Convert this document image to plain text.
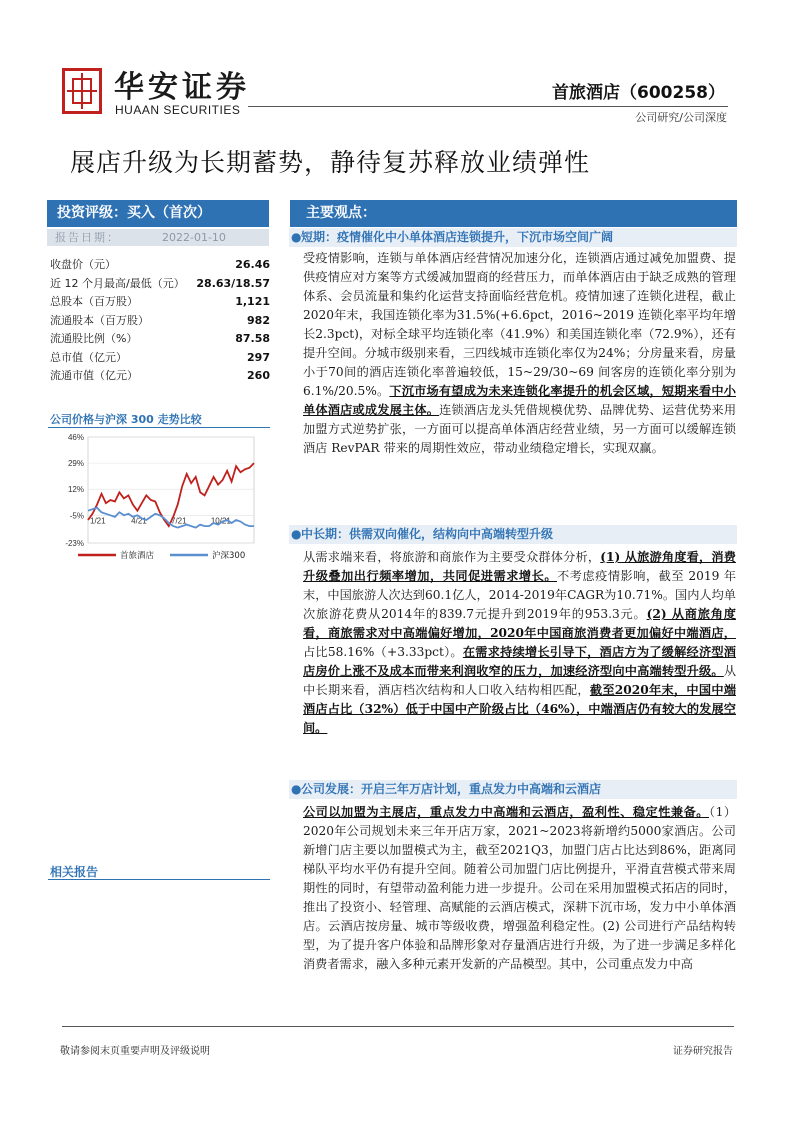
华安证券
HUAAN SECURITIES
首旅酒店（600258）
公司研究/公司深度
展店升级为长期蓄势，静待复苏释放业绩弹性
投资评级：买入（首次）
报告日期：	2022-01-10
收盘价（元）	26.46
近 12 个月最高/最低（元） 28.63/18.57
总股本（百万股）	1,121
流通股本（百万股）	982
流通股比例（%）	87.58
总市值（亿元）	297
流通市值（亿元）	260
公司价格与沪深 300 走势比较
46%
29%
12%
-5%
-23%
1/21	4/21	7/21	10/21
首旅酒店	沪深300
相关报告
主要观点：
●短期：疫情催化中小单体酒店连锁提升，下沉市场空间广阔
受疫情影响，连锁与单体酒店经营情况加速分化，连锁酒店通过减免加盟费、提供疫情应对方案等方式缓减加盟商的经营压力，而单体酒店由于缺乏成熟的管理体系、会员流量和集约化运营支持面临经营危机。疫情加速了连锁化进程，截止2020年末，我国连锁化率为31.5%(+6.6pct，2016~2019 连锁化率平均年增长2.3pct)，对标全球平均连锁化率（41.9%）和美国连锁化率（72.9%），还有提升空间。分城市级别来看，三四线城市连锁化率仅为24%；分房量来看，房量小于70间的酒店连锁化率普遍较低，15~29/30~69 间客房的连锁化率分别为6.1%/20.5%。下沉市场有望成为未来连锁化率提升的机会区域，短期来看中小单体酒店或成发展主体。连锁酒店龙头凭借规模优势、品牌优势、运营优势来用加盟方式逆势扩张，一方面可以提高单体酒店经营业绩，另一方面可以缓解连锁酒店 RevPAR 带来的周期性效应，带动业绩稳定增长，实现双赢。
●中长期：供需双向催化，结构向中高端转型升级
从需求端来看，将旅游和商旅作为主要受众群体分析，(1) 从旅游角度看，消费升级叠加出行频率增加，共同促进需求增长。不考虑疫情影响，截至 2019 年末，中国旅游人次达到60.1亿人，2014-2019年CAGR为10.71%。国内人均单次旅游花费从2014年的839.7元提升到2019年的953.3元。(2) 从商旅角度看，商旅需求对中高端偏好增加，2020年中国商旅消费者更加偏好中端酒店，占比58.16%（+3.33pct）。在需求持续增长引导下，酒店方为了缓解经济型酒店房价上涨不及成本而带来利润收窄的压力，加速经济型向中高端转型升级。从中长期来看，酒店档次结构和人口收入结构相匹配，截至2020年末，中国中端酒店占比（32%）低于中国中产阶级占比（46%），中端酒店仍有较大的发展空间。
●公司发展：开启三年万店计划，重点发力中高端和云酒店
公司以加盟为主展店，重点发力中高端和云酒店，盈利性、稳定性兼备。（1）2020年公司规划未来三年开店万家，2021~2023将新增约5000家酒店。公司新增门店主要以加盟模式为主，截至2021Q3，加盟门店占比达到86%，距离同梯队平均水平仍有提升空间。随着公司加盟门店比例提升，平滑直营模式带来周期性的同时，有望带动盈利能力进一步提升。公司在采用加盟模式拓店的同时，推出了投资小、轻管理、高赋能的云酒店模式，深耕下沉市场，发力中小单体酒店。云酒店按房量、城市等级收费，增强盈利稳定性。(2) 公司进行产品结构转型，为了提升客户体验和品牌形象对存量酒店进行升级，为了进一步满足多样化消费者需求，融入多种元素开发新的产品模型。其中，公司重点发力中高
敬请参阅末页重要声明及评级说明	证券研究报告
